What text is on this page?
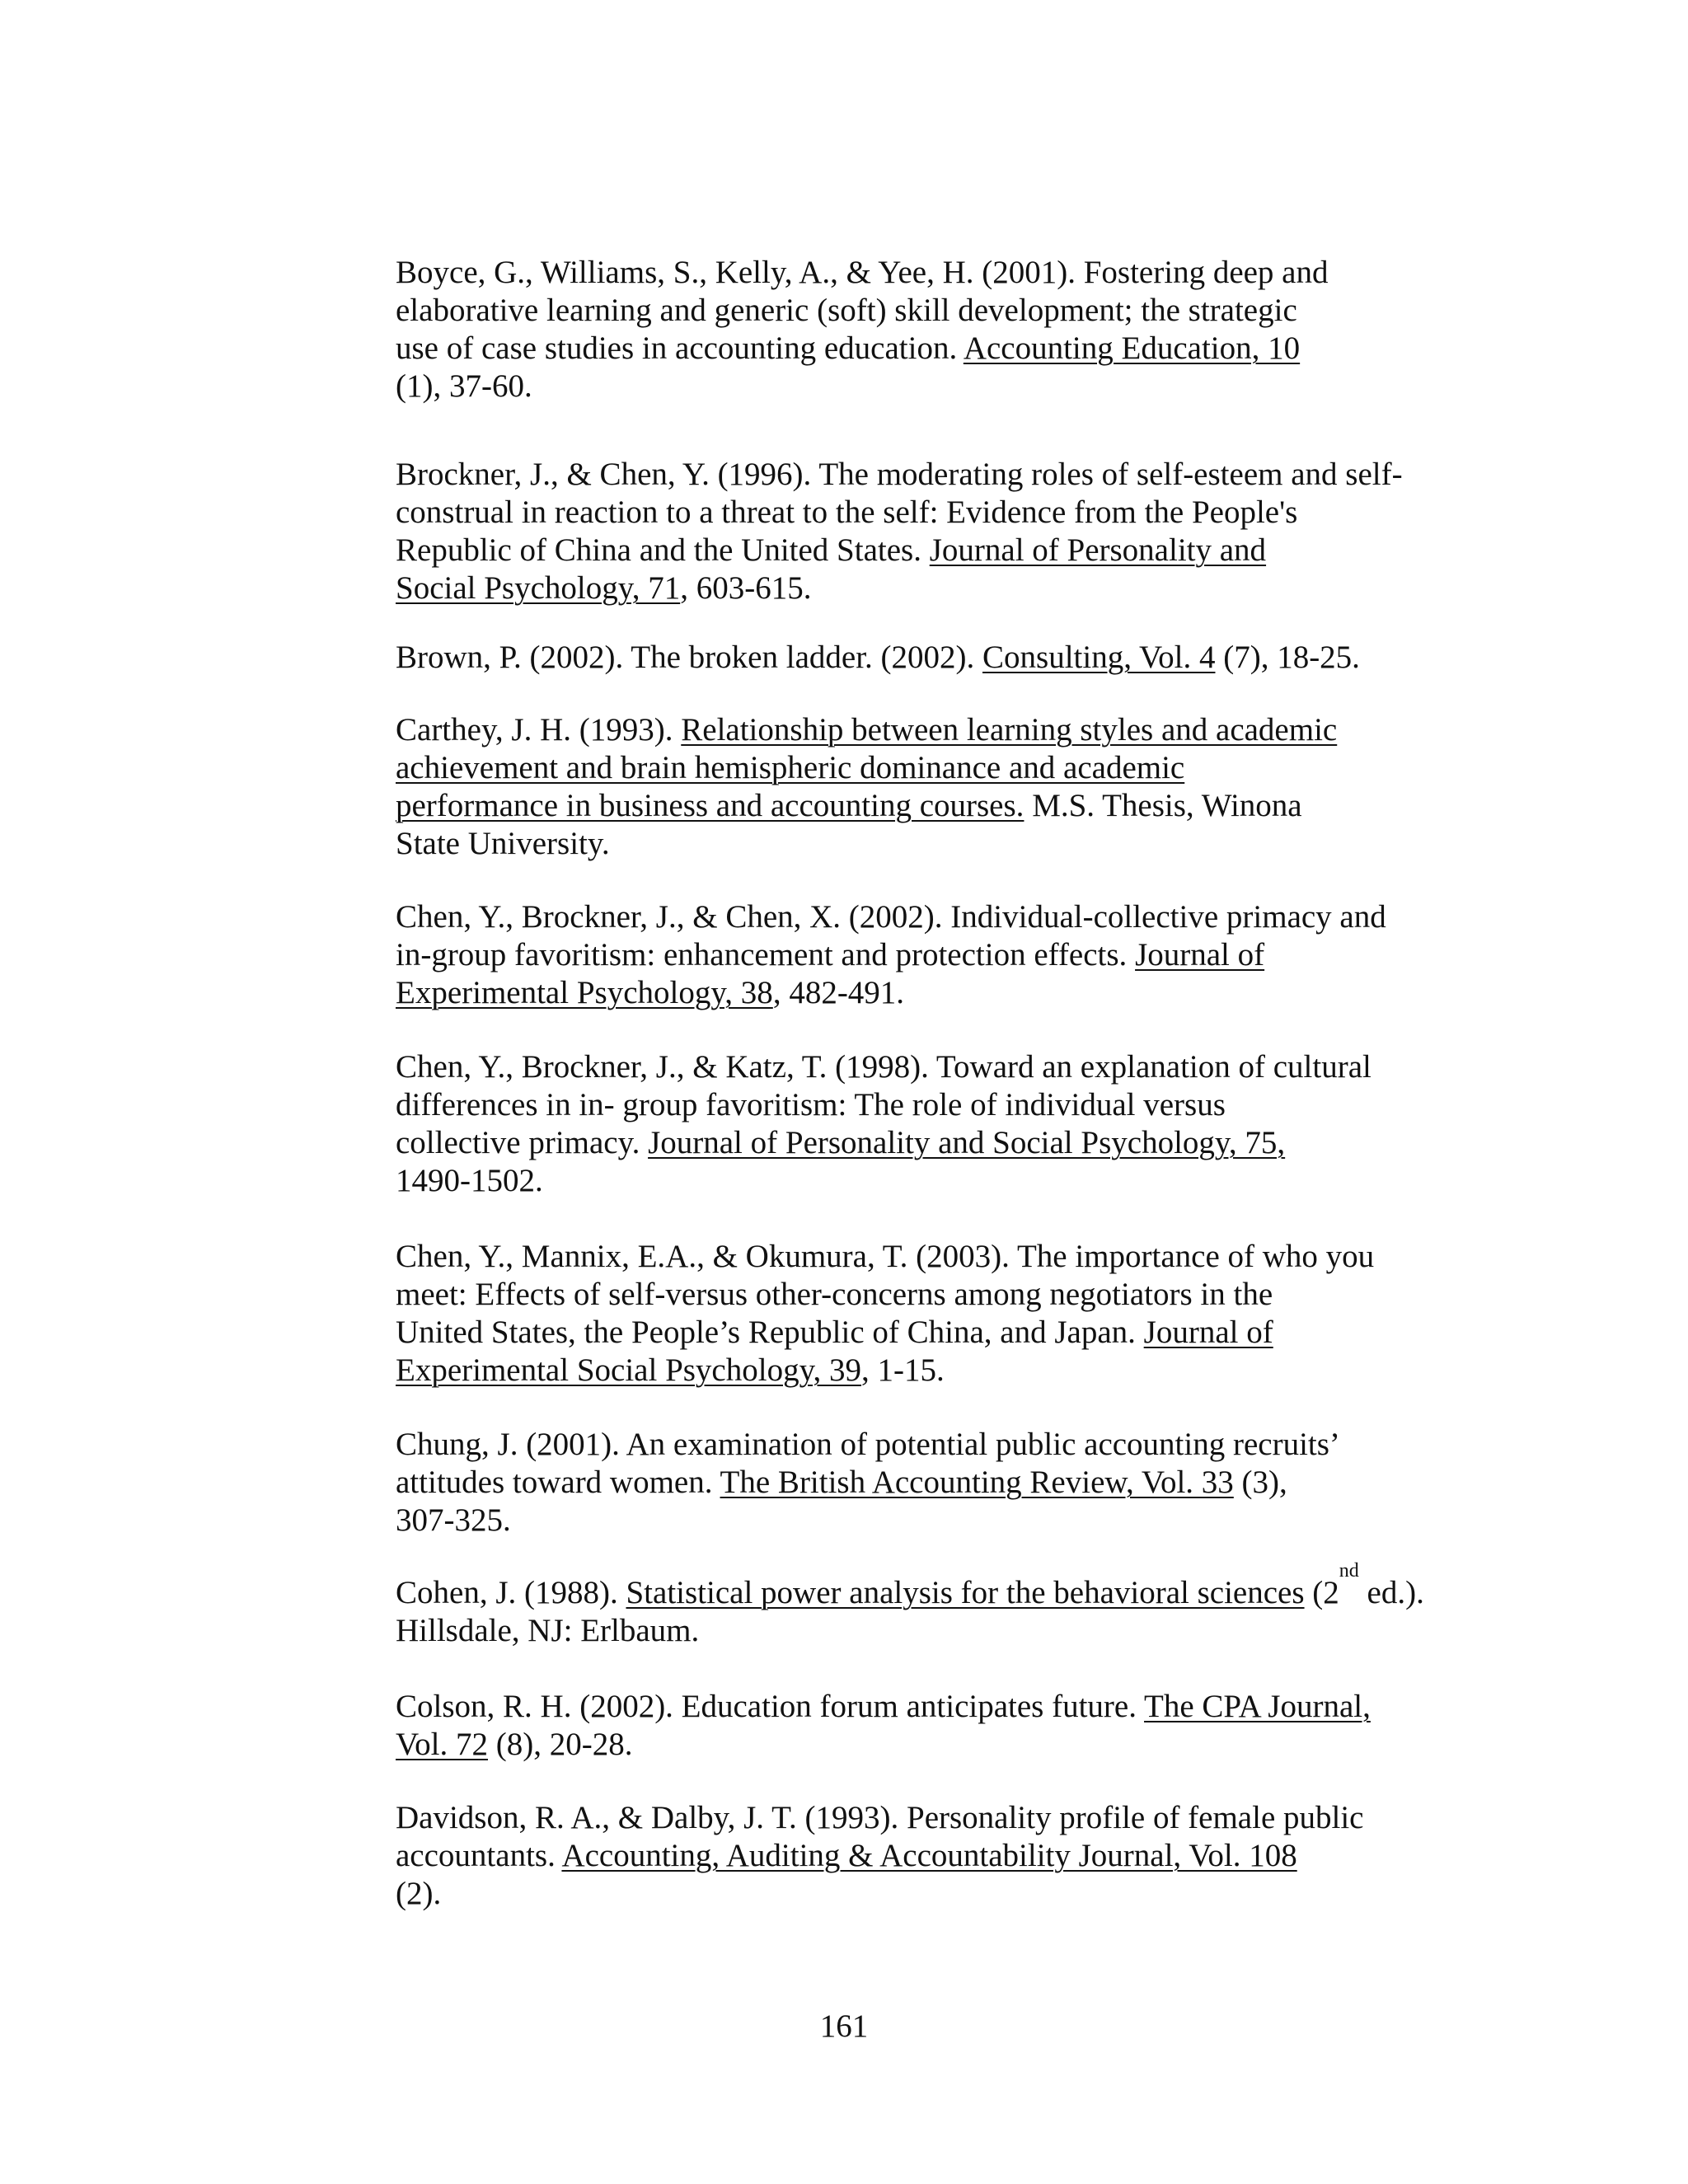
Boyce, G., Williams, S., Kelly, A., & Yee, H. (2001). Fostering deep and
elaborative learning and generic (soft) skill development; the strategic
use of case studies in accounting education. Accounting Education, 10
(1), 37-60.
Brockner, J., & Chen, Y. (1996). The moderating roles of self-esteem and self-
construal in reaction to a threat to the self: Evidence from the People's
Republic of China and the United States. Journal of Personality and
Social Psychology, 71, 603-615.
Brown, P. (2002). The broken ladder. (2002). Consulting, Vol. 4 (7), 18-25.
Carthey, J. H. (1993). Relationship between learning styles and academic
achievement and brain hemispheric dominance and academic
performance in business and accounting courses. M.S. Thesis, Winona
State University.
Chen, Y., Brockner, J., & Chen, X. (2002). Individual-collective primacy and
in-group favoritism: enhancement and protection effects. Journal of
Experimental Psychology, 38, 482-491.
Chen, Y., Brockner, J., & Katz, T. (1998). Toward an explanation of cultural
differences in in- group favoritism: The role of individual versus
collective primacy. Journal of Personality and Social Psychology, 75,
1490-1502.
Chen, Y., Mannix, E.A., & Okumura, T. (2003). The importance of who you
meet: Effects of self-versus other-concerns among negotiators in the
United States, the People’s Republic of China, and Japan. Journal of
Experimental Social Psychology, 39, 1-15.
Chung, J. (2001). An examination of potential public accounting recruits’
attitudes toward women. The British Accounting Review, Vol. 33 (3),
307-325.
Cohen, J. (1988). Statistical power analysis for the behavioral sciences (2nd ed.).
Hillsdale, NJ: Erlbaum.
Colson, R. H. (2002). Education forum anticipates future. The CPA Journal,
Vol. 72 (8), 20-28.
Davidson, R. A., & Dalby, J. T. (1993). Personality profile of female public
accountants. Accounting, Auditing & Accountability Journal, Vol. 108
(2).
161
